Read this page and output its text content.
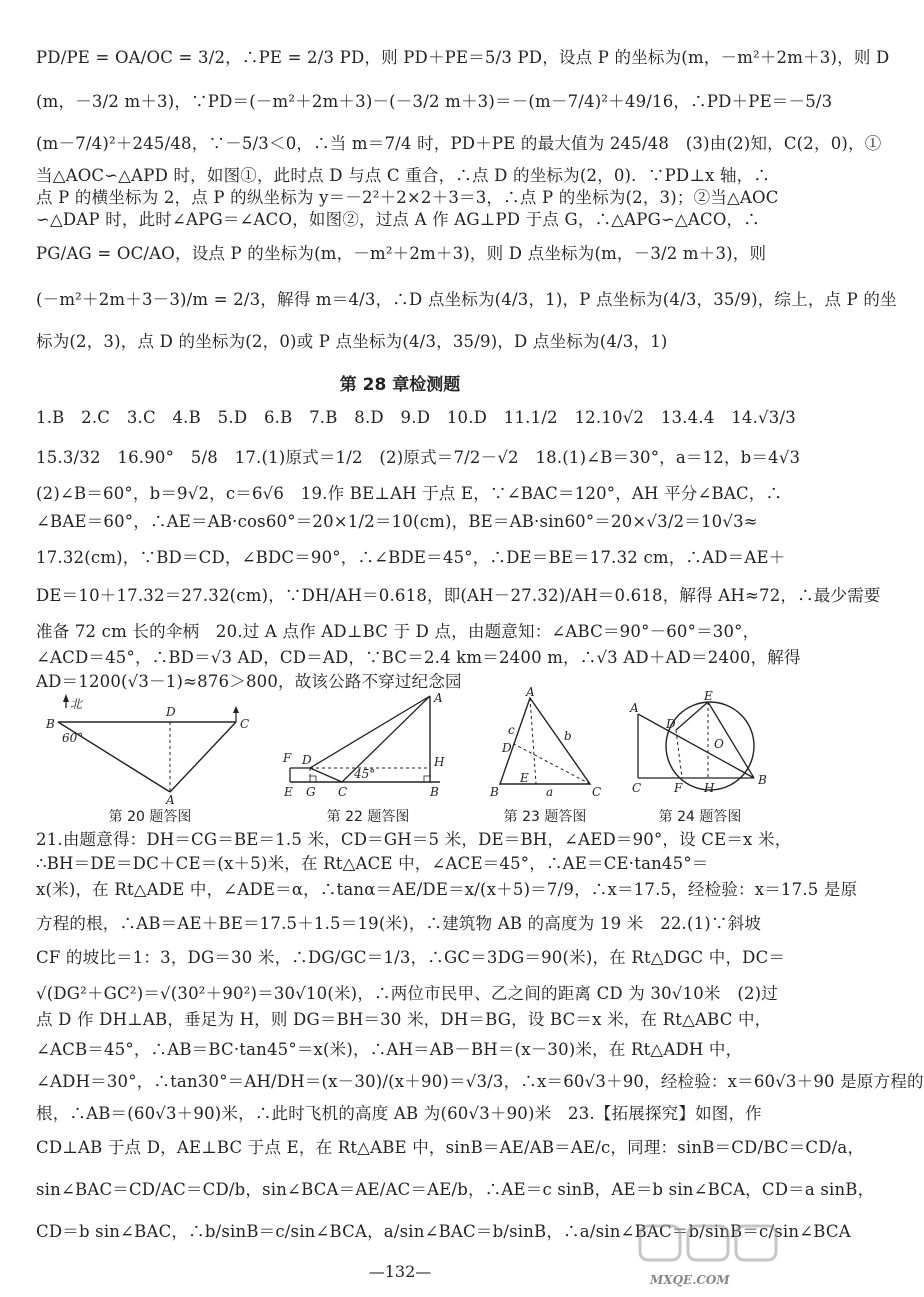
PD/PE = OA/OC = 3/2，∴PE = 2/3 PD，则 PD＋PE＝5/3 PD，设点 P 的坐标为(m，－m²＋2m＋3)，则 D
(m，－3/2 m＋3)，∵PD＝(－m²＋2m＋3)－(－3/2 m＋3)＝－(m－7/4)²＋49/16，∴PD＋PE＝－5/3
(m－7/4)²＋245/48，∵－5/3＜0，∴当 m＝7/4 时，PD＋PE 的最大值为 245/48　(3)由(2)知，C(2，0)，①
当△AOC∽△APD 时，如图①，此时点 D 与点 C 重合，∴点 D 的坐标为(2，0)．∵PD⊥x 轴，∴
点 P 的横坐标为 2，点 P 的纵坐标为 y＝－2²＋2×2＋3＝3，∴点 P 的坐标为(2，3)；②当△AOC
∽△DAP 时，此时∠APG＝∠ACO，如图②，过点 A 作 AG⊥PD 于点 G，∴△APG∽△ACO，∴
PG/AG = OC/AO，设点 P 的坐标为(m，－m²＋2m＋3)，则 D 点坐标为(m，－3/2 m＋3)，则
(－m²＋2m＋3－3)/m = 2/3，解得 m＝4/3，∴D 点坐标为(4/3，1)，P 点坐标为(4/3，35/9)，综上，点 P 的坐
标为(2，3)，点 D 的坐标为(2，0)或 P 点坐标为(4/3，35/9)，D 点坐标为(4/3，1)
第 28 章检测题
1.B　2.C　3.C　4.B　5.D　6.B　7.B　8.D　9.D　10.D　11.1/2　12.10√2　13.4.4　14.√3/3
15.3/32　16.90°　5/8　17.(1)原式＝1/2　(2)原式＝7/2－√2　18.(1)∠B＝30°，a＝12，b＝4√3
(2)∠B＝60°，b＝9√2，c＝6√6　19.作 BE⊥AH 于点 E，∵∠BAC＝120°，AH 平分∠BAC，∴
∠BAE＝60°，∴AE＝AB·cos60°＝20×1/2＝10(cm)，BE＝AB·sin60°＝20×√3/2＝10√3≈
17.32(cm)，∵BD＝CD，∠BDC＝90°，∴∠BDE＝45°，∴DE＝BE＝17.32 cm，∴AD＝AE＋
DE＝10＋17.32＝27.32(cm)，∵DH/AH＝0.618，即(AH－27.32)/AH＝0.618，解得 AH≈72，∴最少需要
准备 72 cm 长的伞柄　20.过 A 点作 AD⊥BC 于 D 点，由题意知：∠ABC＝90°－60°＝30°，
∠ACD＝45°，∴BD＝√3 AD，CD＝AD，∵BC＝2.4 km＝2400 m，∴√3 AD＋AD＝2400，解得
AD＝1200(√3－1)≈876＞800，故该公路不穿过纪念园
北
B
D
C
A
60°
第 20 题答图
A
F D	H
E G C	B
45°
第 22 题答图
A
c	b
D
E
B	a	C
第 23 题答图
A
D
E
O
C	F H
B
第 24 题答图
21.由题意得：DH＝CG＝BE＝1.5 米，CD＝GH＝5 米，DE＝BH，∠AED＝90°，设 CE＝x 米，
∴BH＝DE＝DC＋CE＝(x＋5)米，在 Rt△ACE 中，∠ACE＝45°，∴AE＝CE·tan45°＝
x(米)，在 Rt△ADE 中，∠ADE＝α，∴tanα＝AE/DE＝x/(x＋5)＝7/9，∴x＝17.5，经检验：x＝17.5 是原
方程的根，∴AB＝AE＋BE＝17.5＋1.5＝19(米)，∴建筑物 AB 的高度为 19 米　22.(1)∵斜坡
CF 的坡比＝1：3，DG＝30 米，∴DG/GC＝1/3，∴GC＝3DG＝90(米)，在 Rt△DGC 中，DC＝
√(DG²＋GC²)＝√(30²＋90²)＝30√10(米)，∴两位市民甲、乙之间的距离 CD 为 30√10米　(2)过
点 D 作 DH⊥AB，垂足为 H，则 DG＝BH＝30 米，DH＝BG，设 BC＝x 米，在 Rt△ABC 中，
∠ACB＝45°，∴AB＝BC·tan45°＝x(米)，∴AH＝AB－BH＝(x－30)米，在 Rt△ADH 中，
∠ADH＝30°，∴tan30°＝AH/DH＝(x－30)/(x＋90)＝√3/3，∴x＝60√3＋90，经检验：x＝60√3＋90 是原方程的
根，∴AB＝(60√3＋90)米，∴此时飞机的高度 AB 为(60√3＋90)米　23.【拓展探究】如图，作
CD⊥AB 于点 D，AE⊥BC 于点 E，在 Rt△ABE 中，sinB＝AE/AB＝AE/c，同理：sinB＝CD/BC＝CD/a，
sin∠BAC＝CD/AC＝CD/b，sin∠BCA＝AE/AC＝AE/b，∴AE＝c sinB，AE＝b sin∠BCA，CD＝a sinB，
CD＝b sin∠BAC，∴b/sinB＝c/sin∠BCA，a/sin∠BAC＝b/sinB，∴a/sin∠BAC＝b/sinB＝c/sin∠BCA
—132—	MXQE.COM
